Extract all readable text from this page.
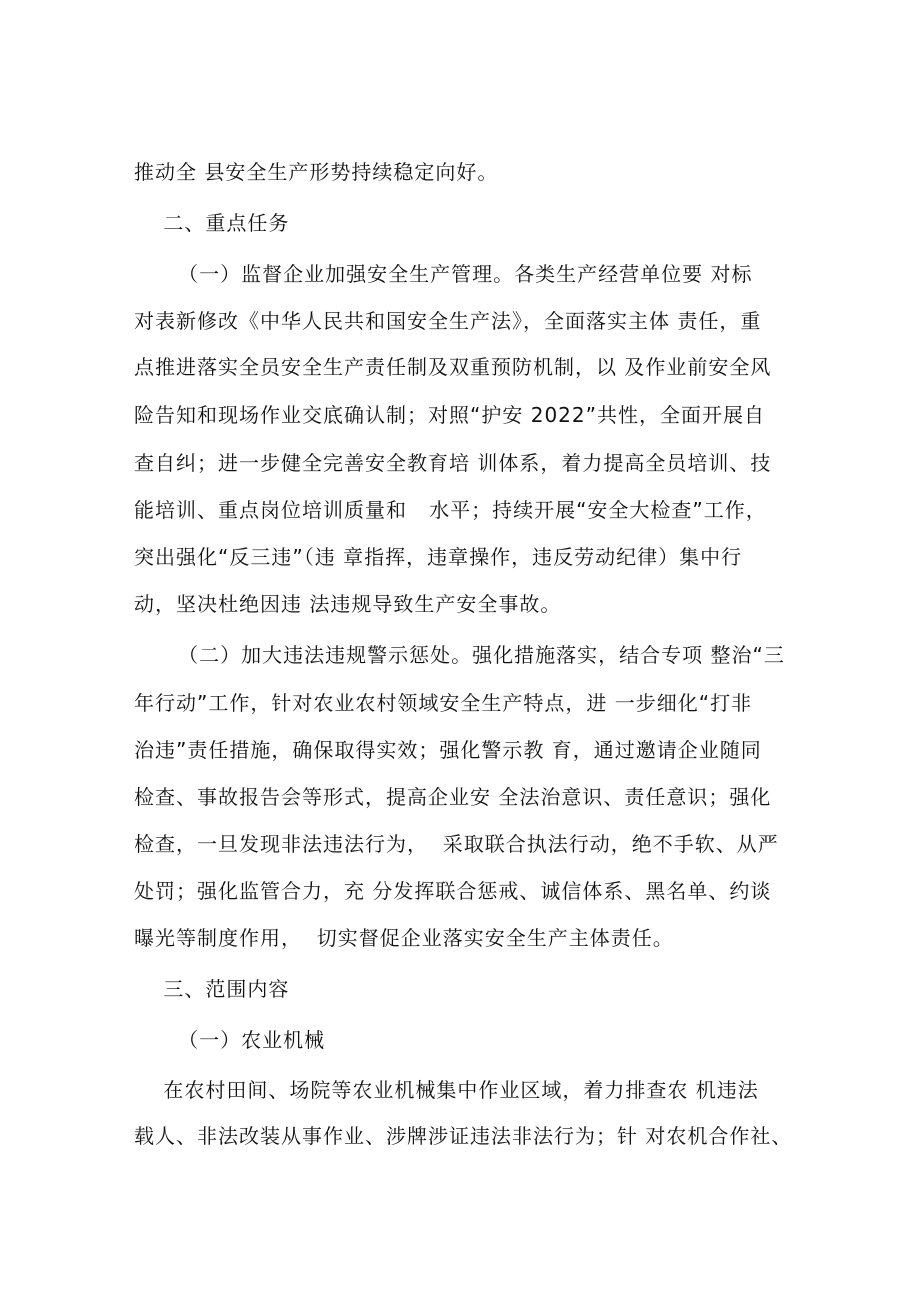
推动全 县安全生产形势持续稳定向好。
二、重点任务
（一）监督企业加强安全生产管理。各类生产经营单位要 对标
对表新修改《中华人民共和国安全生产法》，全面落实主体 责任，重
点推进落实全员安全生产责任制及双重预防机制，以 及作业前安全风
险告知和现场作业交底确认制；对照“护安 2022”共性，全面开展自
查自纠；进一步健全完善安全教育培 训体系，着力提高全员培训、技
能培训、重点岗位培训质量和   水平；持续开展“安全大检查”工作，
突出强化“反三违”（违 章指挥，违章操作，违反劳动纪律）集中行
动，坚决杜绝因违 法违规导致生产安全事故。
（二）加大违法违规警示惩处。强化措施落实，结合专项 整治“三
年行动”工作，针对农业农村领域安全生产特点，进 一步细化“打非
治违”责任措施，确保取得实效；强化警示教 育，通过邀请企业随同
检查、事故报告会等形式，提高企业安 全法治意识、责任意识；强化
检查，一旦发现非法违法行为，  采取联合执法行动，绝不手软、从严
处罚；强化监管合力，充 分发挥联合惩戒、诚信体系、黑名单、约谈
曝光等制度作用，  切实督促企业落实安全生产主体责任。
三、范围内容
（一）农业机械
在农村田间、场院等农业机械集中作业区域，着力排查农 机违法
载人、非法改装从事作业、涉牌涉证违法非法行为；针 对农机合作社、
